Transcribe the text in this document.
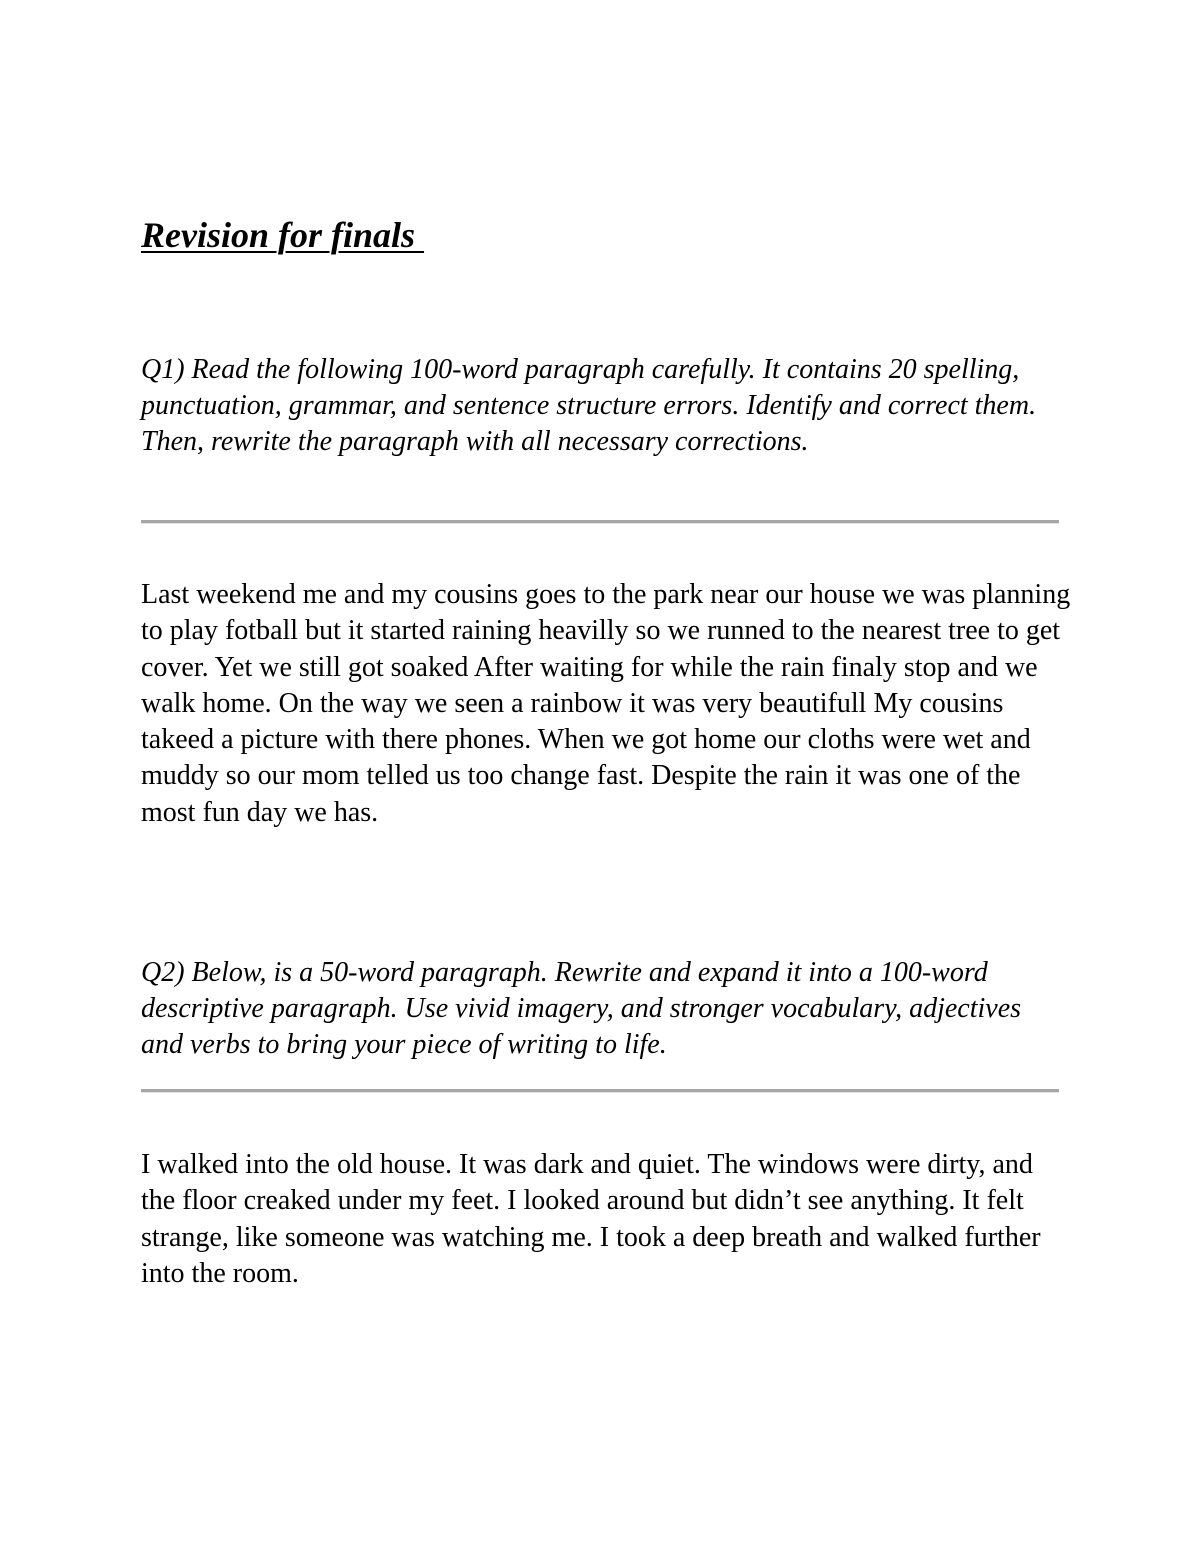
Revision for finals

Q1) Read the following 100-word paragraph carefully. It contains 20 spelling, punctuation, grammar, and sentence structure errors. Identify and correct them. Then, rewrite the paragraph with all necessary corrections.

Last weekend me and my cousins goes to the park near our house we was planning to play fotball but it started raining heavilly so we runned to the nearest tree to get cover. Yet we still got soaked After waiting for while the rain finaly stop and we walk home. On the way we seen a rainbow it was very beautifull My cousins takeed a picture with there phones. When we got home our cloths were wet and muddy so our mom telled us too change fast. Despite the rain it was one of the most fun day we has.

Q2) Below, is a 50-word paragraph. Rewrite and expand it into a 100-word descriptive paragraph. Use vivid imagery, and stronger vocabulary, adjectives and verbs to bring your piece of writing to life.

I walked into the old house. It was dark and quiet. The windows were dirty, and the floor creaked under my feet. I looked around but didn’t see anything. It felt strange, like someone was watching me. I took a deep breath and walked further into the room.
